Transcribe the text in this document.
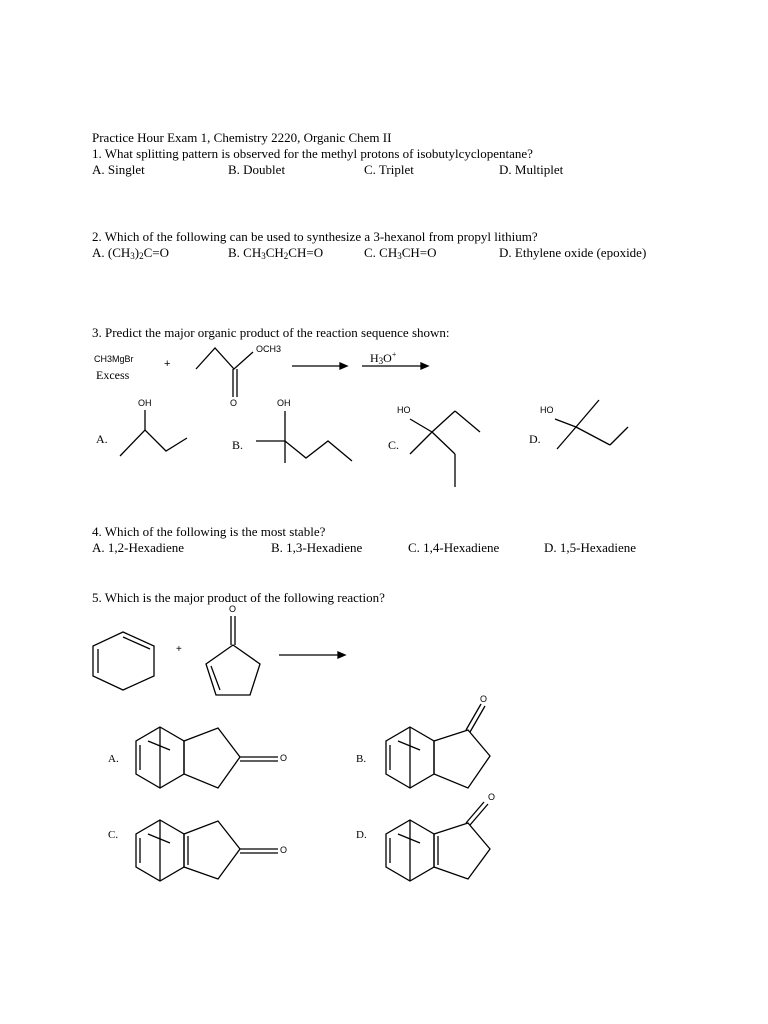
Practice Hour Exam 1, Chemistry 2220, Organic Chem II
1. What splitting pattern is observed for the methyl protons of isobutylcyclopentane?
A. Singlet	B. Doublet	C. Triplet	D. Multiplet
2. Which of the following can be used to synthesize a 3-hexanol from propyl lithium?
A. $(CH_3)_2C=O$	B. $CH_3CH_2CH=O$	C. $CH_3CH=O$	D. Ethylene oxide (epoxide)
3. Predict the major organic product of the reaction sequence shown:
CH3MgBr
Excess
+
OCH3
O
$H_3O^+$
A.
OH
B.
OH
C.
HO
D.
HO
4. Which of the following is the most stable?
A. 1,2-Hexadiene	B. 1,3-Hexadiene	C. 1,4-Hexadiene	D. 1,5-Hexadiene
5. Which is the major product of the following reaction?
+
O
A.	B.
C.	D.
O
O
O
O
